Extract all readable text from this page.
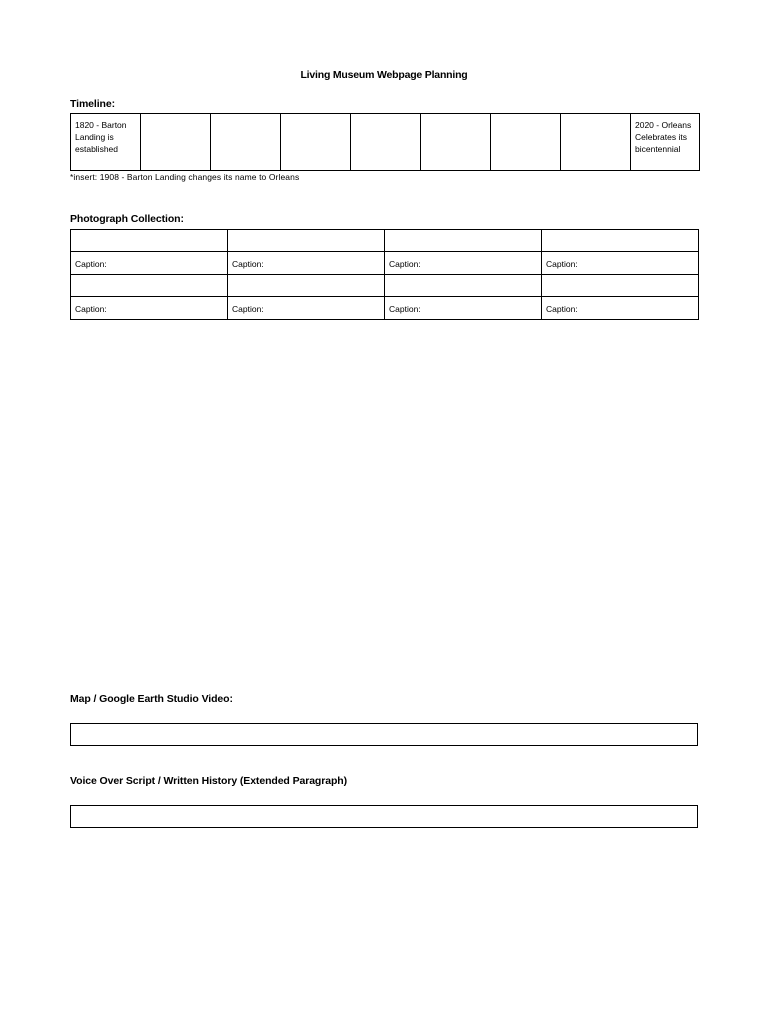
Living Museum Webpage Planning
Timeline:
1820 - Barton Landing is established								2020 - Orleans Celebrates its bicentennial
*insert: 1908 - Barton Landing changes its name to Orleans
Photograph Collection:

Caption:	Caption:	Caption:	Caption:

Caption:	Caption:	Caption:	Caption:
Map / Google Earth Studio Video:
Voice Over Script / Written History (Extended Paragraph)
